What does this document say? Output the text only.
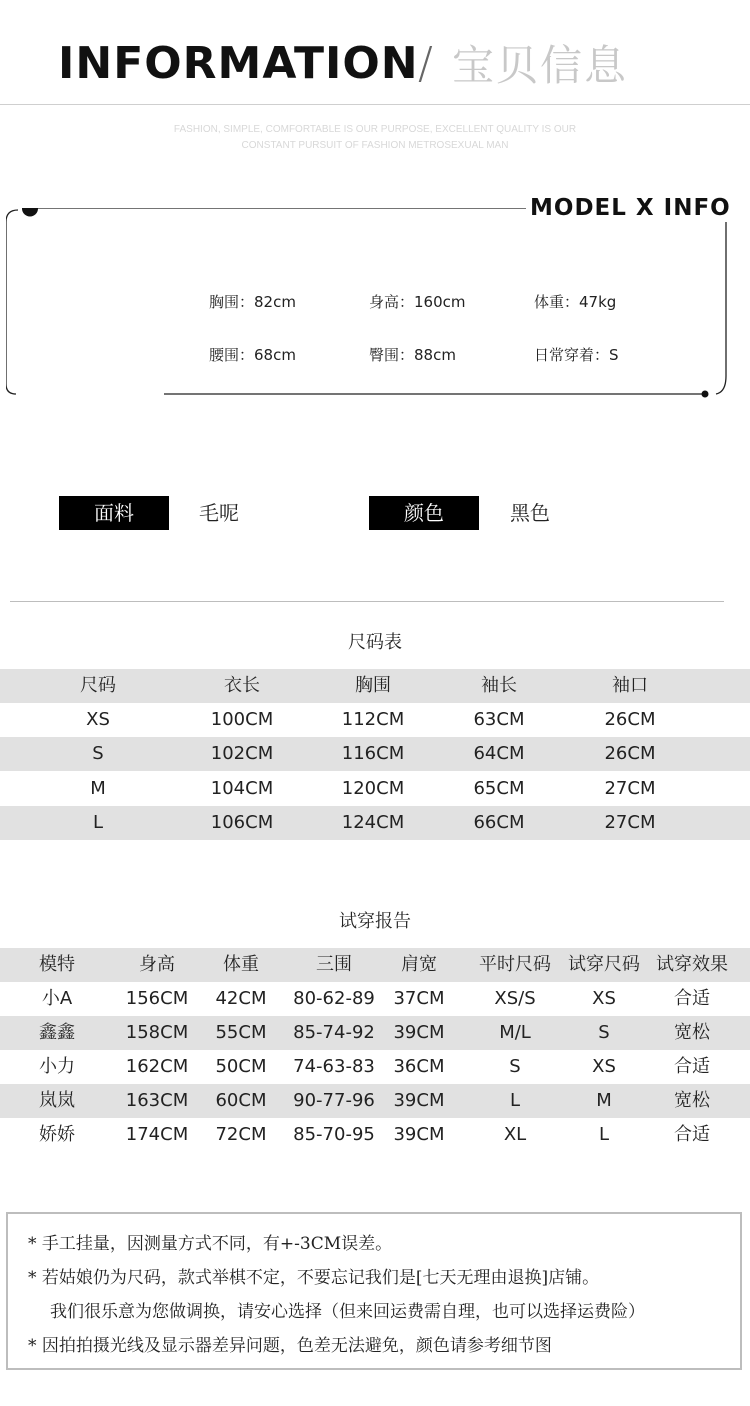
INFORMATION / 宝贝信息
FASHION, SIMPLE, COMFORTABLE IS OUR PURPOSE, EXCELLENT QUALITY IS OUR
CONSTANT PURSUIT OF FASHION METROSEXUAL MAN
MODEL X INFO
胸围：82cm	身高：160cm	体重：47kg
腰围：68cm	臀围：88cm	日常穿着：S
面料	毛呢	颜色	黑色
尺码表
尺码	衣长	胸围	袖长	袖口
XS	100CM	112CM	63CM	26CM
S	102CM	116CM	64CM	26CM
M	104CM	120CM	65CM	27CM
L	106CM	124CM	66CM	27CM
试穿报告
模特	身高	体重	三围	肩宽	平时尺码 试穿尺码 试穿效果
小A	156CM	42CM	80-62-89	37CM	XS/S	XS	合适
鑫鑫	158CM	55CM	85-74-92	39CM	M/L	S	宽松
小力	162CM	50CM	74-63-83	36CM	S	XS	合适
岚岚	163CM	60CM	90-77-96	39CM	L	M	宽松
娇娇	174CM	72CM	85-70-95	39CM	XL	L	合适
* 手工挂量，因测量方式不同，有+-3CM误差。
* 若姑娘仍为尺码，款式举棋不定，不要忘记我们是[七天无理由退换]店铺。
我们很乐意为您做调换，请安心选择（但来回运费需自理，也可以选择运费险）
* 因拍拍摄光线及显示器差异问题，色差无法避免，颜色请参考细节图
